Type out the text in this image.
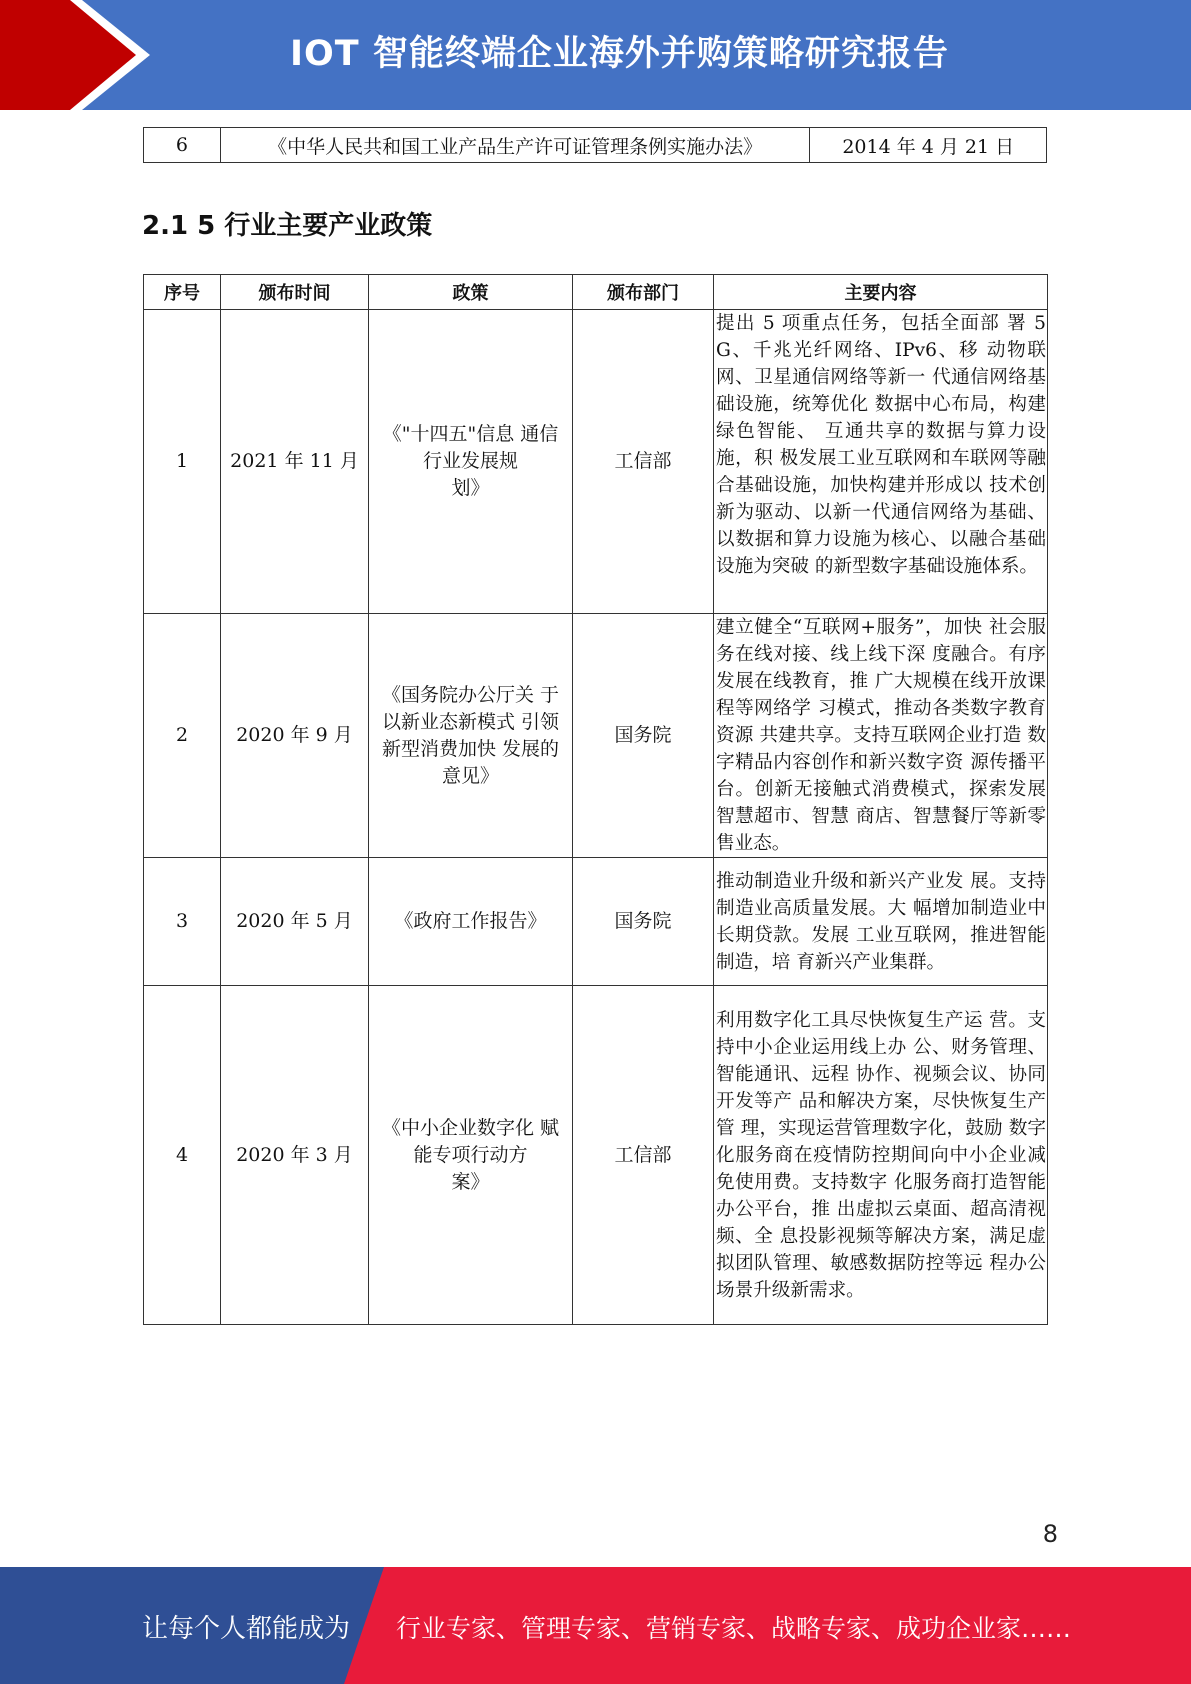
IOT 智能终端企业海外并购策略研究报告
6	《中华人民共和国工业产品生产许可证管理条例实施办法》	2014 年 4 月 21 日
2.1 5 行业主要产业政策
序号	颁布时间	政策	颁布部门	主要内容
1	2021 年 11 月	《"十四五"信息 通信
行业发展规
划》	工信部	提出 5 项重点任务，包括全面部 署 5G、千兆光纤网络、IPv6、移 动物联网、卫星通信网络等新一 代通信网络基础设施，统筹优化 数据中心布局，构建绿色智能、 互通共享的数据与算力设施，积 极发展工业互联网和车联网等融 合基础设施，加快构建并形成以 技术创新为驱动、以新一代通信网络为基础、以数据和算力设施为核心、以融合基础设施为突破 的新型数字基础设施体系。
2	2020 年 9 月	《国务院办公厅关 于
以新业态新模式 引领
新型消费加快 发展的
意见》	国务院	建立健全“互联网+服务”，加快 社会服务在线对接、线上线下深 度融合。有序发展在线教育，推 广大规模在线开放课程等网络学 习模式，推动各类数字教育资源 共建共享。支持互联网企业打造 数字精品内容创作和新兴数字资 源传播平台。创新无接触式消费模式，探索发展智慧超市、智慧 商店、智慧餐厅等新零售业态。
3	2020 年 5 月	《政府工作报告》	国务院	推动制造业升级和新兴产业发 展。支持制造业高质量发展。大 幅增加制造业中长期贷款。发展 工业互联网，推进智能制造，培 育新兴产业集群。
4	2020 年 3 月	《中小企业数字化 赋
能专项行动方
案》	工信部	利用数字化工具尽快恢复生产运 营。支持中小企业运用线上办 公、财务管理、智能通讯、远程 协作、视频会议、协同开发等产 品和解决方案，尽快恢复生产管 理，实现运营管理数字化，鼓励 数字化服务商在疫情防控期间向中小企业减免使用费。支持数字 化服务商打造智能办公平台，推 出虚拟云桌面、超高清视频、全 息投影视频等解决方案，满足虚 拟团队管理、敏感数据防控等远 程办公场景升级新需求。
8
让每个人都能成为 行业专家、管理专家、营销专家、战略专家、成功企业家……
